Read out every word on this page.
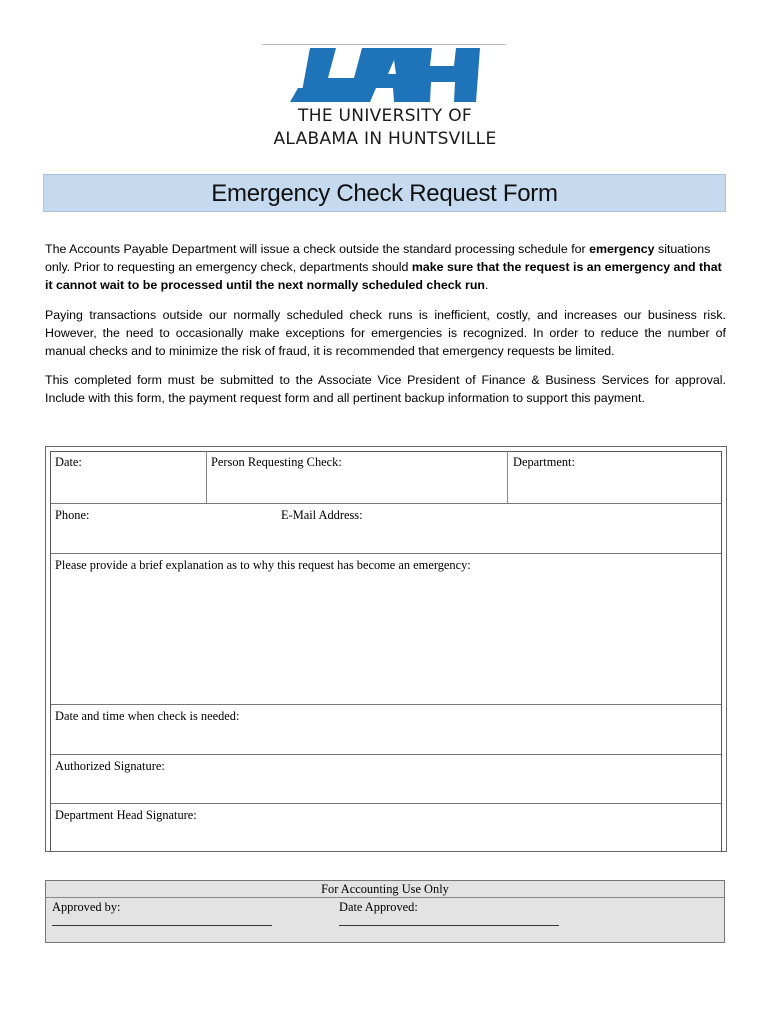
THE UNIVERSITY OF
ALABAMA IN HUNTSVILLE
Emergency Check Request Form

The Accounts Payable Department will issue a check outside the standard processing schedule for emergency situations only. Prior to requesting an emergency check, departments should make sure that the request is an emergency and that it cannot wait to be processed until the next normally scheduled check run.

Paying transactions outside our normally scheduled check runs is inefficient, costly, and increases our business risk. However, the need to occasionally make exceptions for emergencies is recognized. In order to reduce the number of manual checks and to minimize the risk of fraud, it is recommended that emergency requests be limited.

This completed form must be submitted to the Associate Vice President of Finance & Business Services for approval. Include with this form, the payment request form and all pertinent backup information to support this payment.

Date:	Person Requesting Check:	Department:
Phone:	E-Mail Address:
Please provide a brief explanation as to why this request has become an emergency:
Date and time when check is needed:
Authorized Signature:
Department Head Signature:
For Accounting Use Only
Approved by:	Date Approved:
